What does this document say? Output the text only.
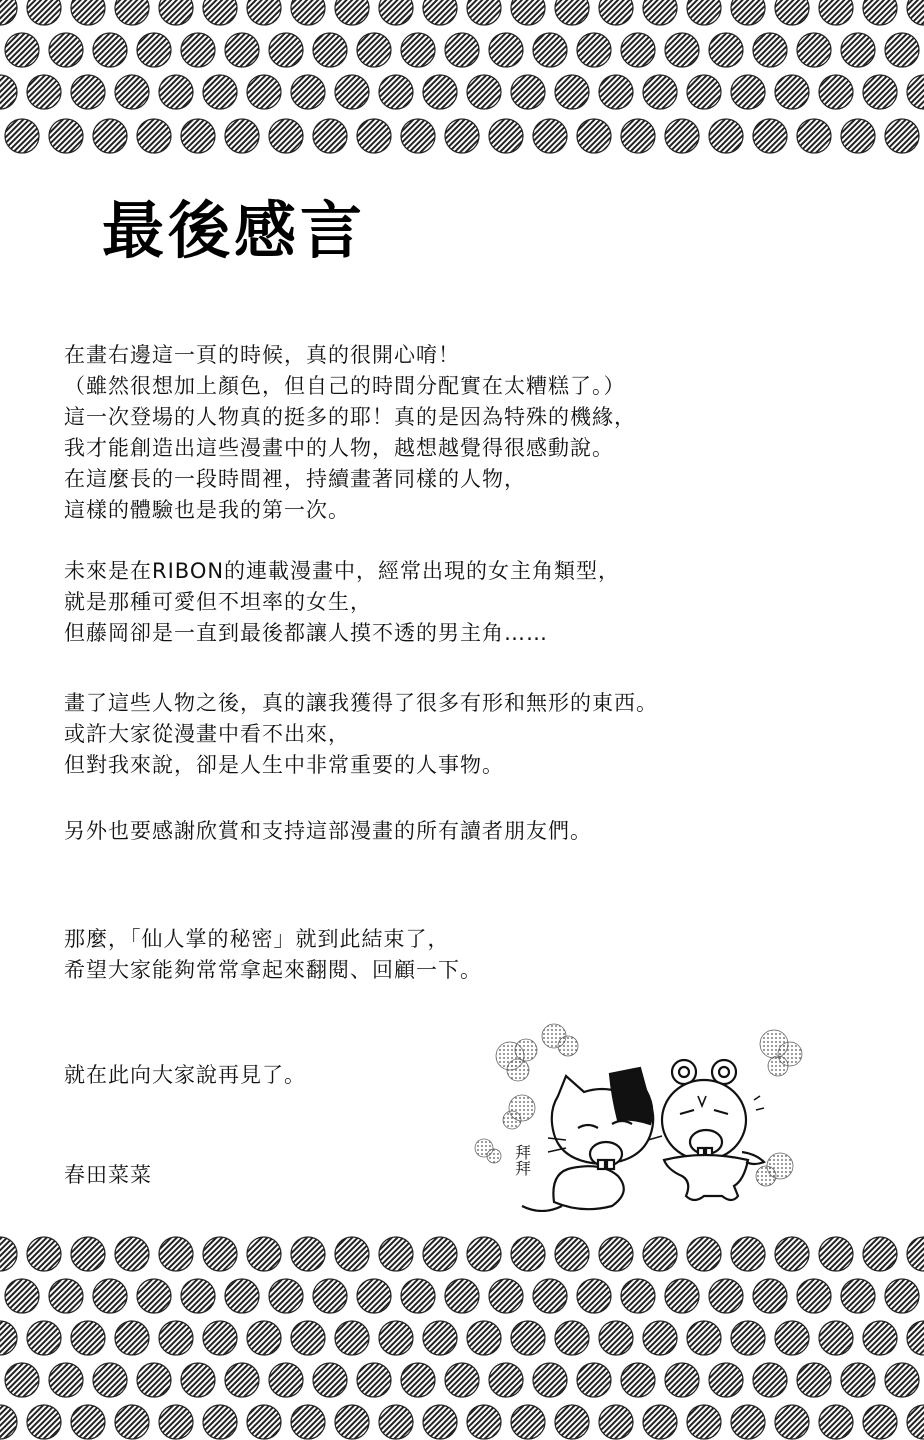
最後感言
在畫右邊這一頁的時候，真的很開心唷！
（雖然很想加上顏色，但自己的時間分配實在太糟糕了。）
這一次登場的人物真的挺多的耶！真的是因為特殊的機緣，
我才能創造出這些漫畫中的人物，越想越覺得很感動說。
在這麼長的一段時間裡，持續畫著同樣的人物，
這樣的體驗也是我的第一次。
未來是在RIBON的連載漫畫中，經常出現的女主角類型，
就是那種可愛但不坦率的女生，
但藤岡卻是一直到最後都讓人摸不透的男主角……
畫了這些人物之後，真的讓我獲得了很多有形和無形的東西。
或許大家從漫畫中看不出來，
但對我來說，卻是人生中非常重要的人事物。
另外也要感謝欣賞和支持這部漫畫的所有讀者朋友們。
那麼，「仙人掌的秘密」就到此結束了，
希望大家能夠常常拿起來翻閱、回顧一下。
就在此向大家說再見了。
春田菜菜	拜拜
